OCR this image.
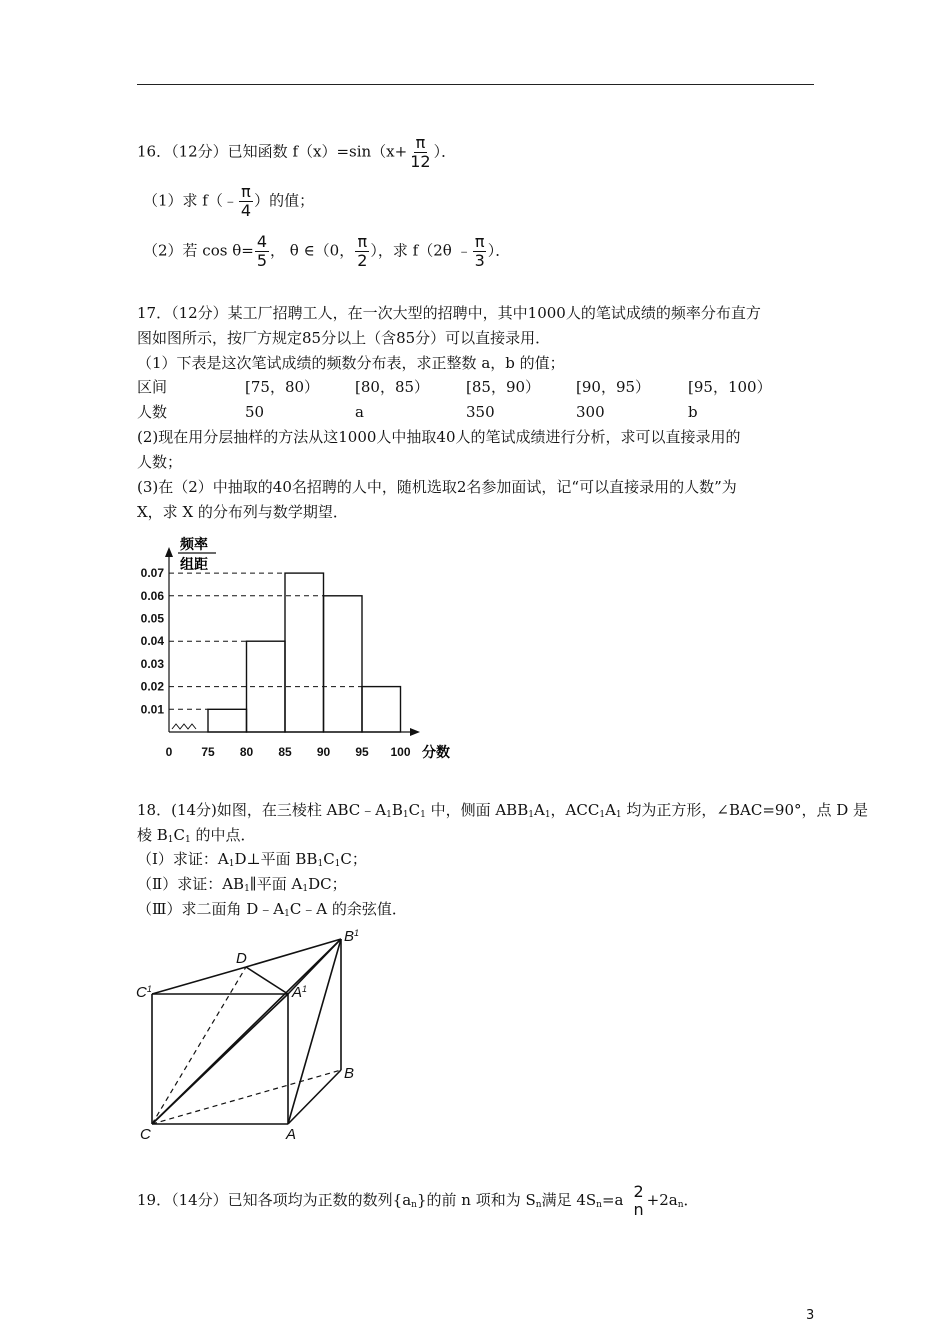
16．（12分）已知函数 $f(x)=\sin(x+ \frac{\pi}{12}$ ）．
（1）求 f（﹣ $\frac{\pi}{4}$ ）的值；
（2）若 $\cos \theta= \frac{4}{5}$ ， θ ∈（0， $\frac{\pi}{2}$ ），求 f（2θ ﹣ $\frac{\pi}{3}$ ）．
17．（12分）某工厂招聘工人，在一次大型的招聘中，其中1000人的笔试成绩的频率分布直方
图如图所示，按厂方规定85分以上（含85分）可以直接录用．
（1）下表是这次笔试成绩的频数分布表，求正整数 a，b 的值；
区间	[75，80） [80，85） [85，90） [90，95）	[95，100）
人数	50	a	350	300	b
(2)现在用分层抽样的方法从这1000人中抽取40人的笔试成绩进行分析，求可以直接录用的
人数；
(3)在（2）中抽取的40名招聘的人中，随机选取2名参加面试，记“可以直接录用的人数”为
X，求 X 的分布列与数学期望．
频率
组距
0.07
0.06
0.05
0.04
0.03
0.02
0.01
0 75 80 85 90 95 100 分数
18．(14分)如图，在三棱柱 $ABC﹣A_1B_1C_1$ 中，侧面 $ABB_1A_1$，$ACC_1A_1$ 均为正方形，∠BAC=90°，点 D 是
棱 $B_1C_1$ 的中点．
（Ⅰ）求证：$A_1D\perp$平面 $BB_1C_1C$；
（Ⅱ）求证：$AB_1\parallel$平面 $A_1DC$；
（Ⅲ）求二面角 $D﹣A_1C﹣A$ 的余弦值．
$B^1$
D
$C^1$	$A^1$
B
C	A
19．（14分）已知各项均为正数的数列$\{a_n\}$的前 n 项和为 $S_n$满足 $4S_n=a$ 2
$n +2a_n$．
3
